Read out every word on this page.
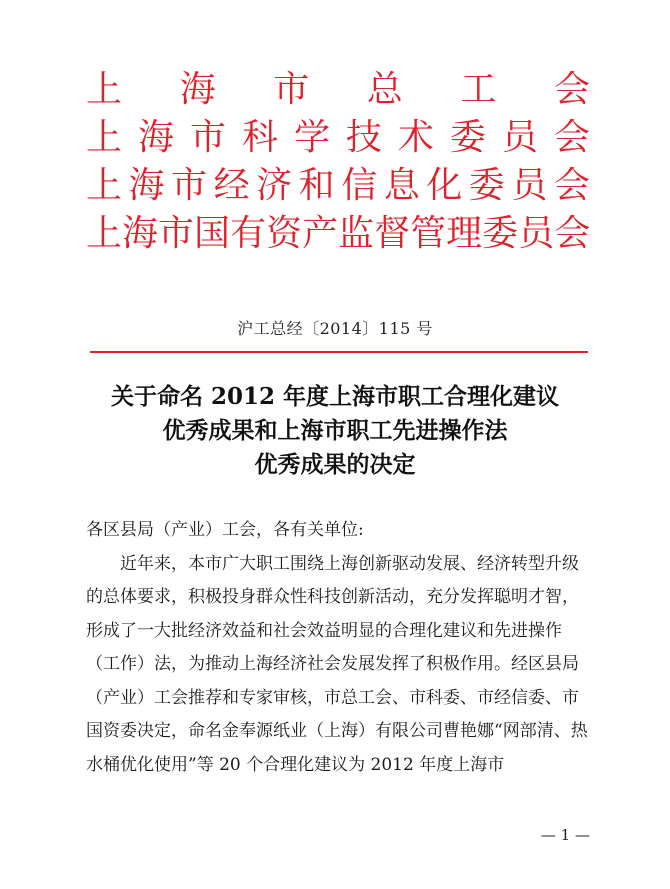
上 海 市 总 工 会
上 海 市 科 学 技 术 委 员 会
上 海 市 经 济 和 信 息 化 委 员 会
上 海 市 国 有 资 产 监 督 管 理 委 员 会
沪工总经〔2014〕115 号
关于命名 2012 年度上海市职工合理化建议
优秀成果和上海市职工先进操作法
优秀成果的决定

各区县局（产业）工会，各有关单位:

近年来，本市广大职工围绕上海创新驱动发展、经济转型升级的总体要求，积极投身群众性科技创新活动，充分发挥聪明才智，形成了一大批经济效益和社会效益明显的合理化建议和先进操作（工作）法，为推动上海经济社会发展发挥了积极作用。经区县局（产业）工会推荐和专家审核，市总工会、市科委、市经信委、市国资委决定，命名金奉源纸业（上海）有限公司曹艳娜“网部清、热水桶优化使用”等 20 个合理化建议为 2012 年度上海市

— 1 —
